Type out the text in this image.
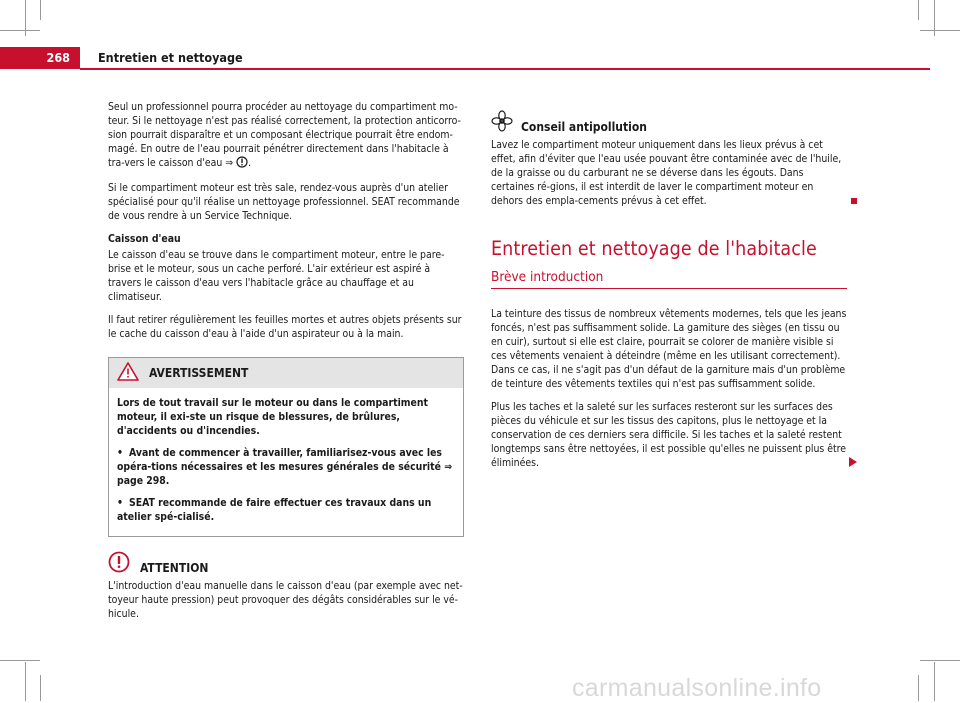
268	Entretien et nettoyage

Seul un professionnel pourra procéder au nettoyage du compartiment mo-teur. Si le nettoyage n'est pas réalisé correctement, la protection anticorro-sion pourrait disparaître et un composant électrique pourrait être endom-magé. En outre de l'eau pourrait pénétrer directement dans l'habitacle à tra-vers le caisson d'eau ⇒ .

Si le compartiment moteur est très sale, rendez-vous auprès d'un atelier spécialisé pour qu'il réalise un nettoyage professionnel. SEAT recommande de vous rendre à un Service Technique.

Caisson d'eau

Le caisson d'eau se trouve dans le compartiment moteur, entre le pare-brise et le moteur, sous un cache perforé. L'air extérieur est aspiré à travers le caisson d'eau vers l'habitacle grâce au chauffage et au climatiseur.

Il faut retirer régulièrement les feuilles mortes et autres objets présents sur le cache du caisson d'eau à l'aide d'un aspirateur ou à la main.

AVERTISSEMENT

Lors de tout travail sur le moteur ou dans le compartiment moteur, il exi-ste un risque de blessures, de brûlures, d'accidents ou d'incendies.

• Avant de commencer à travailler, familiarisez-vous avec les opéra-tions nécessaires et les mesures générales de sécurité ⇒ page 298.

• SEAT recommande de faire effectuer ces travaux dans un atelier spé-cialisé.

ATTENTION

L'introduction d'eau manuelle dans le caisson d'eau (par exemple avec net-toyeur haute pression) peut provoquer des dégâts considérables sur le vé-hicule.

Conseil antipollution

Lavez le compartiment moteur uniquement dans les lieux prévus à cet effet, afin d'éviter que l'eau usée pouvant être contaminée avec de l'huile, de la graisse ou du carburant ne se déverse dans les égouts. Dans certaines ré-gions, il est interdit de laver le compartiment moteur en dehors des empla-cements prévus à cet effet.

Entretien et nettoyage de l'habitacle
Brève introduction

La teinture des tissus de nombreux vêtements modernes, tels que les jeans foncés, n'est pas suffisamment solide. La gamiture des sièges (en tissu ou en cuir), surtout si elle est claire, pourrait se colorer de manière visible si ces vêtements venaient à déteindre (même en les utilisant correctement). Dans ce cas, il ne s'agit pas d'un défaut de la garniture mais d'un problème de teinture des vêtements textiles qui n'est pas suffisamment solide.

Plus les taches et la saleté sur les surfaces resteront sur les surfaces des pièces du véhicule et sur les tissus des capitons, plus le nettoyage et la conservation de ces derniers sera difficile. Si les taches et la saleté restent longtemps sans être nettoyées, il est possible qu'elles ne puissent plus être éliminées.

carmanualsonline.info
